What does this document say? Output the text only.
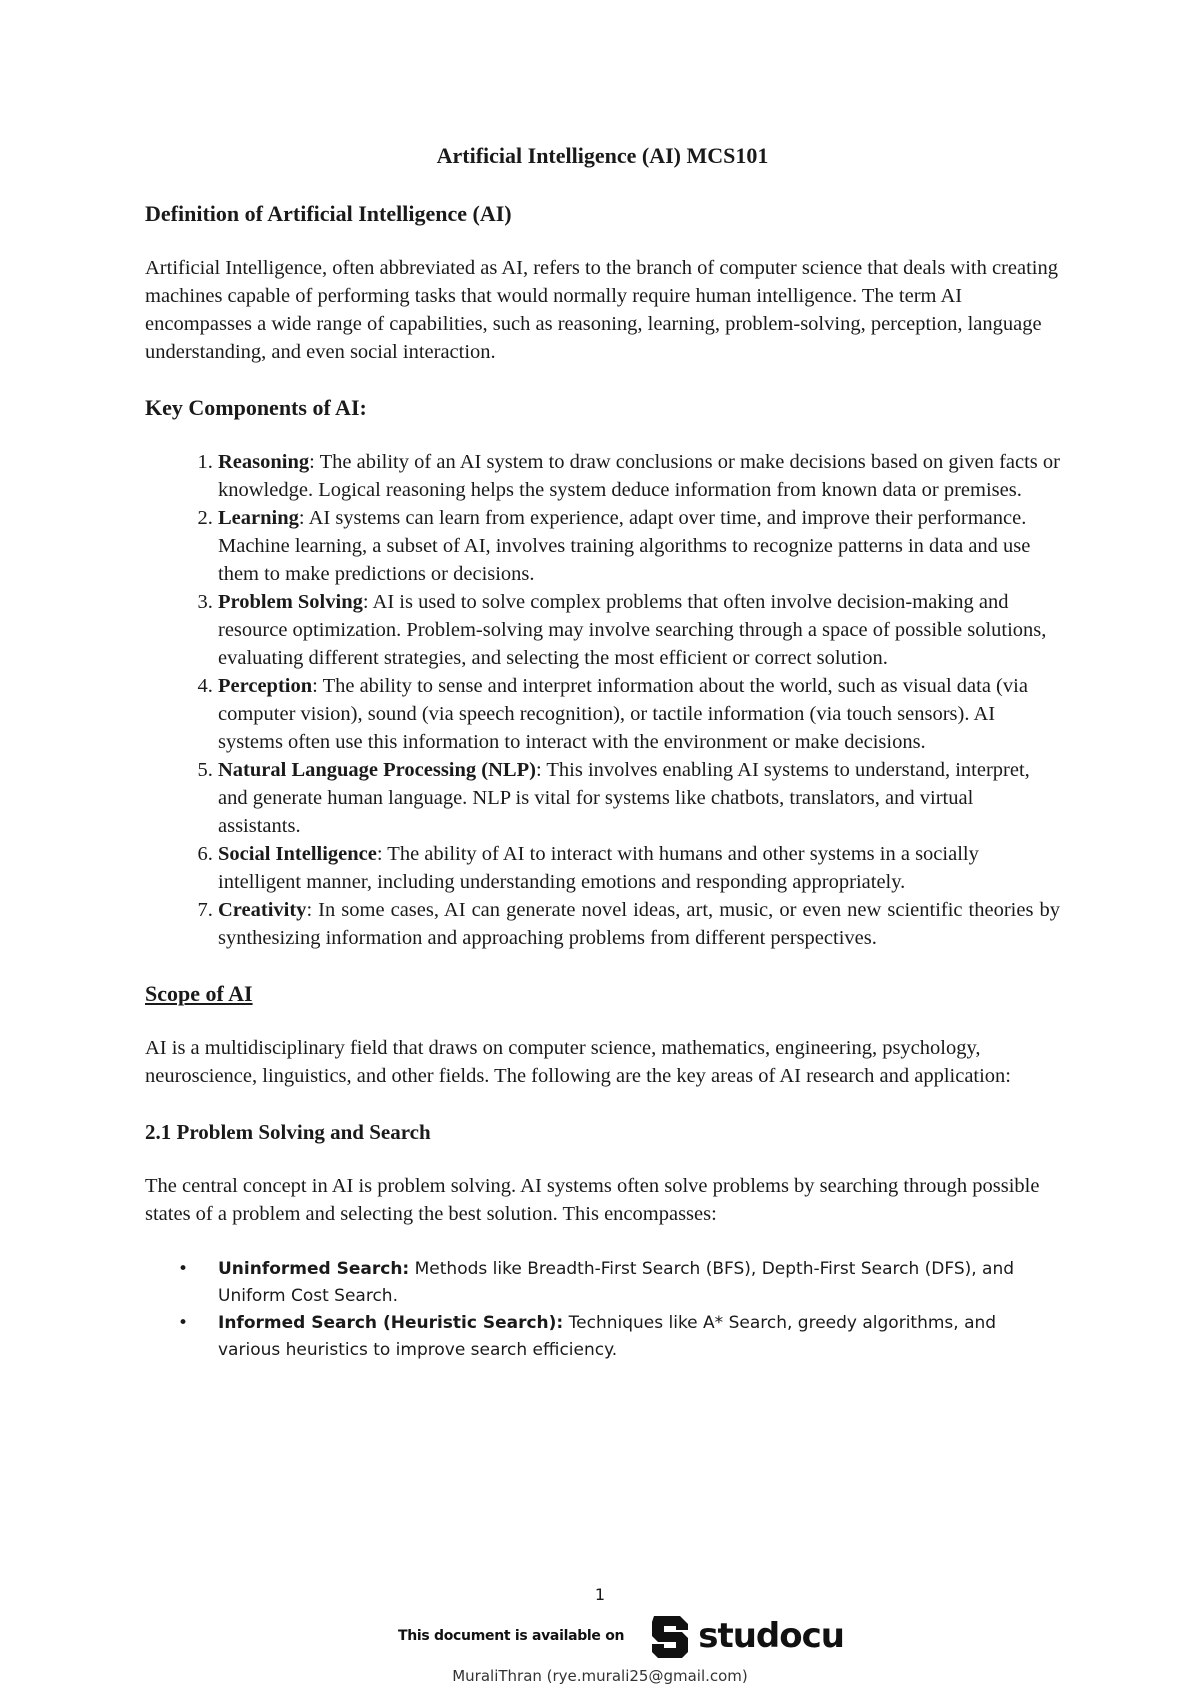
Artificial Intelligence (AI) MCS101
Definition of Artificial Intelligence (AI)

Artificial Intelligence, often abbreviated as AI, refers to the branch of computer science that deals with creating machines capable of performing tasks that would normally require human intelligence. The term AI encompasses a wide range of capabilities, such as reasoning, learning, problem-solving, perception, language understanding, and even social interaction.

Key Components of AI:
1. Reasoning: The ability of an AI system to draw conclusions or make decisions based on given facts or knowledge. Logical reasoning helps the system deduce information from known data or premises.
2. Learning: AI systems can learn from experience, adapt over time, and improve their performance. Machine learning, a subset of AI, involves training algorithms to recognize patterns in data and use them to make predictions or decisions.
3. Problem Solving: AI is used to solve complex problems that often involve decision-making and resource optimization. Problem-solving may involve searching through a space of possible solutions, evaluating different strategies, and selecting the most efficient or correct solution.
4. Perception: The ability to sense and interpret information about the world, such as visual data (via computer vision), sound (via speech recognition), or tactile information (via touch sensors). AI systems often use this information to interact with the environment or make decisions.
5. Natural Language Processing (NLP): This involves enabling AI systems to understand, interpret, and generate human language. NLP is vital for systems like chatbots, translators, and virtual assistants.
6. Social Intelligence: The ability of AI to interact with humans and other systems in a socially intelligent manner, including understanding emotions and responding appropriately.
7. Creativity: In some cases, AI can generate novel ideas, art, music, or even new scientific theories by synthesizing information and approaching problems from different perspectives.
Scope of AI

AI is a multidisciplinary field that draws on computer science, mathematics, engineering, psychology, neuroscience, linguistics, and other fields. The following are the key areas of AI research and application:

2.1 Problem Solving and Search

The central concept in AI is problem solving. AI systems often solve problems by searching through possible states of a problem and selecting the best solution. This encompasses:

• Uninformed Search: Methods like Breadth-First Search (BFS), Depth-First Search (DFS), and Uniform Cost Search.
• Informed Search (Heuristic Search): Techniques like A* Search, greedy algorithms, and various heuristics to improve search efficiency.
1
This document is available on studocu
MuraliThran (rye.murali25@gmail.com)
